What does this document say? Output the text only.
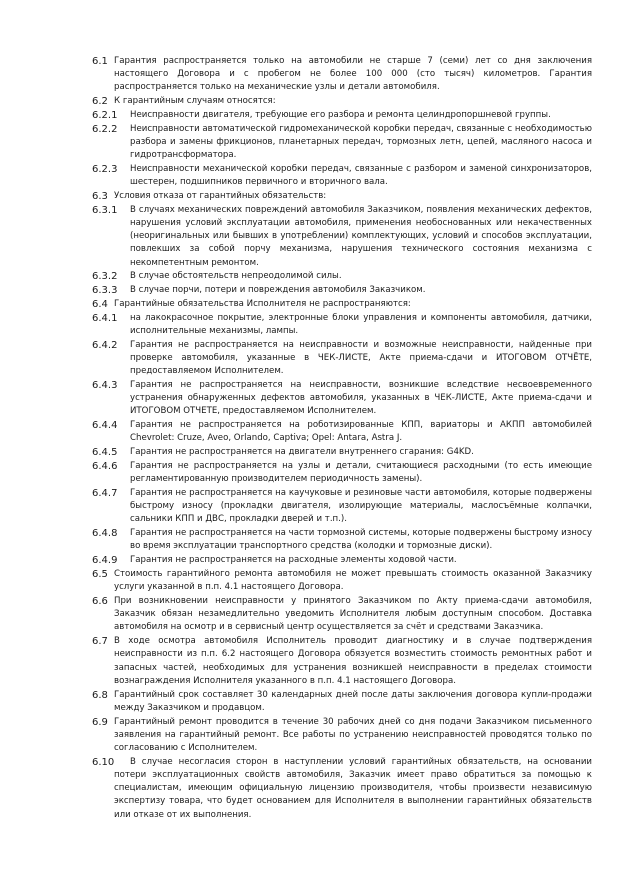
6.1 Гарантия распространяется только на автомобили не старше 7 (семи) лет со дня заключения настоящего Договора и с пробегом не более 100 000 (сто тысяч) километров. Гарантия распространяется только на механические узлы и детали автомобиля.
6.2 К гарантийным случаям относятся:
6.2.1 Неисправности двигателя, требующие его разбора и ремонта целиндропоршневой группы.
6.2.2 Неисправности автоматической гидромеханической коробки передач, связанные с необходимостью разбора и замены фрикционов, планетарных передач, тормозных летн, цепей, масляного насоса и гидротрансформатора.
6.2.3 Неисправности механической коробки передач, связанные с разбором и заменой синхронизаторов, шестерен, подшипников первичного и вторичного вала.
6.3 Условия отказа от гарантийных обязательств:
6.3.1 В случаях механических повреждений автомобиля Заказчиком, появления механических дефектов, нарушения условий эксплуатации автомобиля, применения необоснованных или некачественных (неоригинальных или бывших в употреблении) комплектующих, условий и способов эксплуатации, повлекших за собой порчу механизма, нарушения технического состояния механизма с некомпетентным ремонтом.
6.3.2 В случае обстоятельств непреодолимой силы.
6.3.3 В случае порчи, потери и повреждения автомобиля Заказчиком.
6.4 Гарантийные обязательства Исполнителя не распространяются:
6.4.1 на лакокрасочное покрытие, электронные блоки управления и компоненты автомобиля, датчики, исполнительные механизмы, лампы.
6.4.2 Гарантия не распространяется на неисправности и возможные неисправности, найденные при проверке автомобиля, указанные в ЧЕК-ЛИСТЕ, Акте приема-сдачи и ИТОГОВОМ ОТЧЁТЕ, предоставляемом Исполнителем.
6.4.3 Гарантия не распространяется на неисправности, возникшие вследствие несвоевременного устранения обнаруженных дефектов автомобиля, указанных в ЧЕК-ЛИСТЕ, Акте приема-сдачи и ИТОГОВОМ ОТЧЕТЕ, предоставляемом Исполнителем.
6.4.4 Гарантия не распространяется на роботизированные КПП, вариаторы и АКПП автомобилей Chevrolet: Cruze, Aveo, Orlando, Captiva; Opel: Antara, Astra J.
6.4.5 Гарантия не распространяется на двигатели внутреннего сгарания: G4KD.
6.4.6 Гарантия не распространяется на узлы и детали, считающиеся расходными (то есть имеющие регламентированную производителем периодичность замены).
6.4.7 Гарантия не распространяется на каучуковые и резиновые части автомобиля, которые подвержены быстрому износу (прокладки двигателя, изолирующие материалы, маслосъёмные колпачки, сальники КПП и ДВС, прокладки дверей и т.п.).
6.4.8 Гарантия не распространяется на части тормозной системы, которые подвержены быстрому износу во время эксплуатации транспортного средства (колодки и тормозные диски).
6.4.9 Гарантия не распространяется на расходные элементы ходовой части.
6.5 Стоимость гарантийного ремонта автомобиля не может превышать стоимость оказанной Заказчику услуги указанной в п.п. 4.1 настоящего Договора.
6.6 При возникновении неисправности у принятого Заказчиком по Акту приема-сдачи автомобиля, Заказчик обязан незамедлительно уведомить Исполнителя любым доступным способом. Доставка автомобиля на осмотр и в сервисный центр осуществляется за счёт и средствами Заказчика.
6.7 В ходе осмотра автомобиля Исполнитель проводит диагностику и в случае подтверждения неисправности из п.п. 6.2 настоящего Договора обязуется возместить стоимость ремонтных работ и запасных частей, необходимых для устранения возникшей неисправности в пределах стоимости вознаграждения Исполнителя указанного в п.п. 4.1 настоящего Договора.
6.8 Гарантийный срок составляет 30 календарных дней после даты заключения договора купли-продажи между Заказчиком и продавцом.
6.9 Гарантийный ремонт проводится в течение 30 рабочих дней со дня подачи Заказчиком письменного заявления на гарантийный ремонт. Все работы по устранению неисправностей проводятся только по согласованию с Исполнителем.
6.10 В случае несогласия сторон в наступлении условий гарантийных обязательств, на основании потери эксплуатационных свойств автомобиля, Заказчик имеет право обратиться за помощью к специалистам, имеющим официальную лицензию производителя, чтобы произвести независимую экспертизу товара, что будет основанием для Исполнителя в выполнении гарантийных обязательств или отказе от их выполнения.
